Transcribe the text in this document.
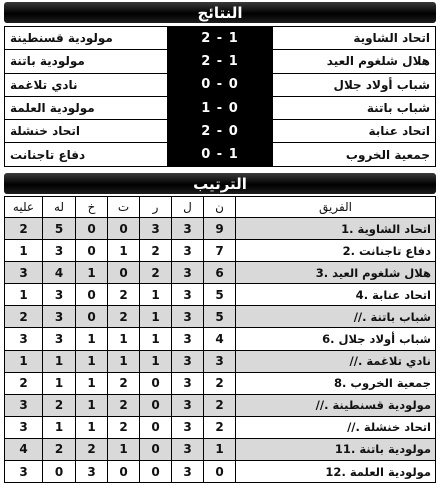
النتائج
مولودية قسنطينة	2 - 1	اتحاد الشاوية
مولودية باتنة	2 - 1	هلال شلغوم العيد
نادي تلاغمة	0 - 0	شباب أولاد جلال
مولودية العلمة	1 - 0	شباب باتنة
اتحاد خنشلة	2 - 0	اتحاد عنابة
دفاع تاجنانت	0 - 1	جمعية الخروب
الترتيب
عليه	له	خ	ت	ر	ل	ن	الفريق
2	5	0	0	3	3	9	1. اتحاد الشاوية
1	3	0	1	2	3	7	2. دفاع تاجنانت
3	4	1	0	2	3	6	3. هلال شلغوم العيد
1	3	0	2	1	3	5	4. اتحاد عنابة
2	3	0	2	1	3	5	//. شباب باتنة
3	3	1	1	1	3	4	6. شباب أولاد جلال
1	1	1	1	1	3	3	//. نادي تلاغمة
2	1	1	2	0	3	2	8. جمعية الخروب
3	2	1	2	0	3	2	//. مولودية قسنطينة
3	1	1	2	0	3	2	//. اتحاد خنشلة
4	2	2	1	0	3	1	11. مولودية باتنة
3	0	3	0	0	3	0	12. مولودية العلمة
